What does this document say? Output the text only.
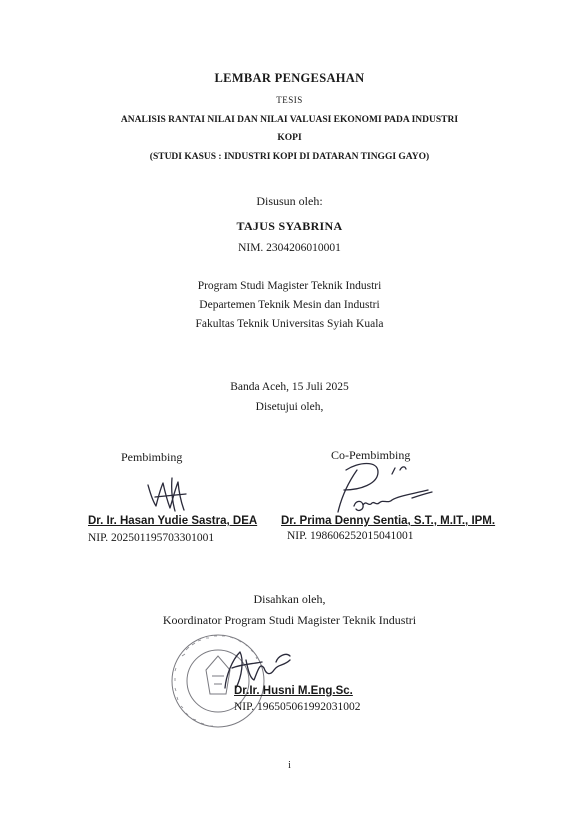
LEMBAR PENGESAHAN
TESIS
ANALISIS RANTAI NILAI DAN NILAI VALUASI EKONOMI PADA INDUSTRI
KOPI
(STUDI KASUS : INDUSTRI KOPI DI DATARAN TINGGI GAYO)
Disusun oleh:
TAJUS SYABRINA
NIM. 2304206010001
Program Studi Magister Teknik Industri
Departemen Teknik Mesin dan Industri
Fakultas Teknik Universitas Syiah Kuala
Banda Aceh, 15 Juli 2025
Disetujui oleh,
Pembimbing	Co-Pembimbing
Dr. Ir. Hasan Yudie Sastra, DEA Dr. Prima Denny Sentia, S.T., M.IT., IPM.
NIP. 202501195703301001	NIP. 198606252015041001
Disahkan oleh,
Koordinator Program Studi Magister Teknik Industri
Dr.Ir. Husni M.Eng.Sc.
NIP. 196505061992031002
i
